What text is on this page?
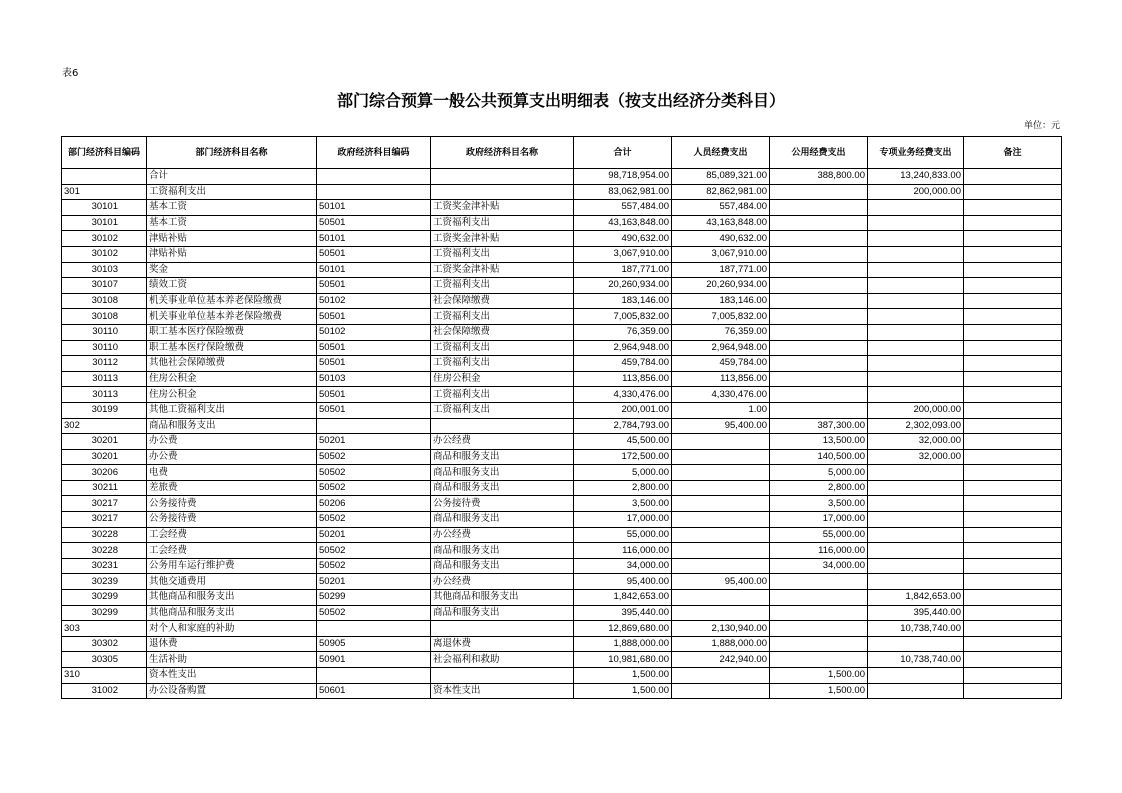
表6
部门综合预算一般公共预算支出明细表（按支出经济分类科目）
单位：元
部门经济科目编码	部门经济科目名称	政府经济科目编码	政府经济科目名称	合计	人员经费支出	公用经费支出	专项业务经费支出	备注
	合计			98,718,954.00	85,089,321.00	388,800.00	13,240,833.00	
301	工资福利支出			83,062,981.00	82,862,981.00		200,000.00	
30101	基本工资	50101	工资奖金津补贴	557,484.00	557,484.00			
30101	基本工资	50501	工资福利支出	43,163,848.00	43,163,848.00			
30102	津贴补贴	50101	工资奖金津补贴	490,632.00	490,632.00			
30102	津贴补贴	50501	工资福利支出	3,067,910.00	3,067,910.00			
30103	奖金	50101	工资奖金津补贴	187,771.00	187,771.00			
30107	绩效工资	50501	工资福利支出	20,260,934.00	20,260,934.00			
30108	机关事业单位基本养老保险缴费	50102	社会保障缴费	183,146.00	183,146.00			
30108	机关事业单位基本养老保险缴费	50501	工资福利支出	7,005,832.00	7,005,832.00			
30110	职工基本医疗保险缴费	50102	社会保障缴费	76,359.00	76,359.00			
30110	职工基本医疗保险缴费	50501	工资福利支出	2,964,948.00	2,964,948.00			
30112	其他社会保障缴费	50501	工资福利支出	459,784.00	459,784.00			
30113	住房公积金	50103	住房公积金	113,856.00	113,856.00			
30113	住房公积金	50501	工资福利支出	4,330,476.00	4,330,476.00			
30199	其他工资福利支出	50501	工资福利支出	200,001.00	1.00		200,000.00	
302	商品和服务支出			2,784,793.00	95,400.00	387,300.00	2,302,093.00	
30201	办公费	50201	办公经费	45,500.00		13,500.00	32,000.00	
30201	办公费	50502	商品和服务支出	172,500.00		140,500.00	32,000.00	
30206	电费	50502	商品和服务支出	5,000.00		5,000.00		
30211	差旅费	50502	商品和服务支出	2,800.00		2,800.00		
30217	公务接待费	50206	公务接待费	3,500.00		3,500.00		
30217	公务接待费	50502	商品和服务支出	17,000.00		17,000.00		
30228	工会经费	50201	办公经费	55,000.00		55,000.00		
30228	工会经费	50502	商品和服务支出	116,000.00		116,000.00		
30231	公务用车运行维护费	50502	商品和服务支出	34,000.00		34,000.00		
30239	其他交通费用	50201	办公经费	95,400.00	95,400.00			
30299	其他商品和服务支出	50299	其他商品和服务支出	1,842,653.00			1,842,653.00	
30299	其他商品和服务支出	50502	商品和服务支出	395,440.00			395,440.00	
303	对个人和家庭的补助			12,869,680.00	2,130,940.00		10,738,740.00	
30302	退休费	50905	离退休费	1,888,000.00	1,888,000.00			
30305	生活补助	50901	社会福利和救助	10,981,680.00	242,940.00		10,738,740.00	
310	资本性支出			1,500.00		1,500.00		
31002	办公设备购置	50601	资本性支出	1,500.00		1,500.00		
